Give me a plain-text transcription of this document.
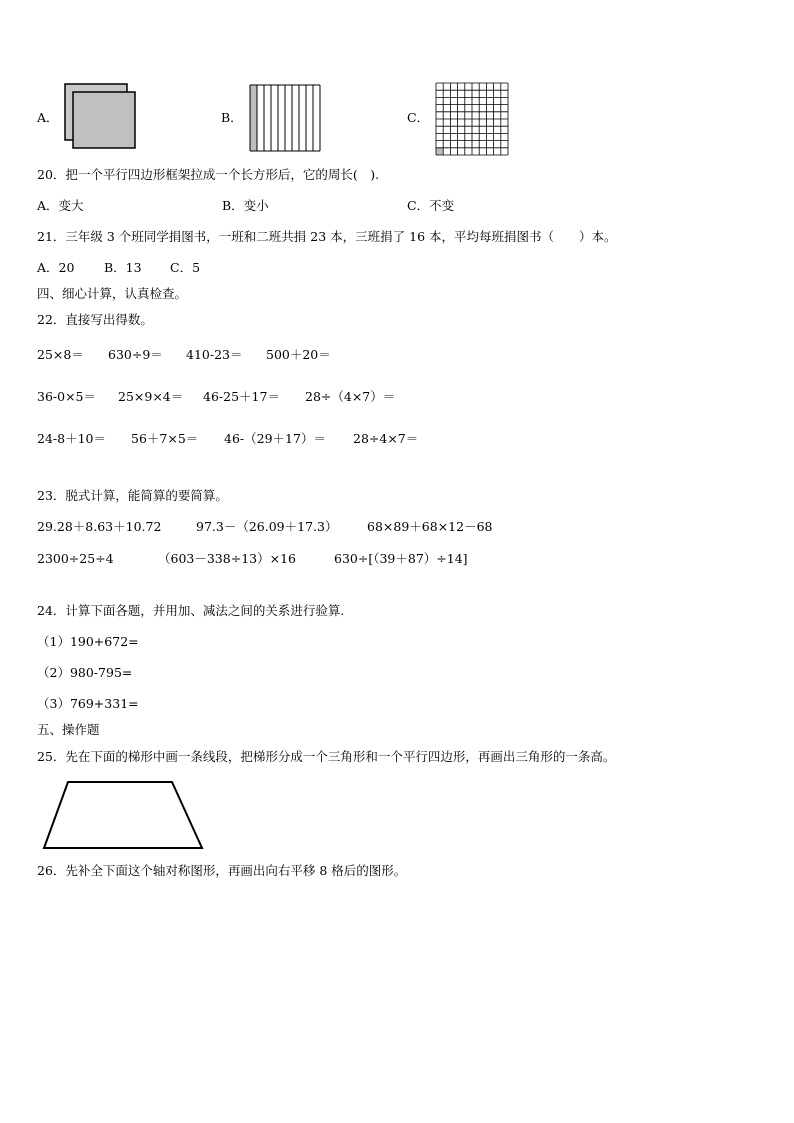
A．	B．	C．
20．把一个平行四边形框架拉成一个长方形后，它的周长(　).
A．变大	B．变小	C．不变
21．三年级 3 个班同学捐图书，一班和二班共捐 23 本，三班捐了 16 本，平均每班捐图书（　　）本。
A．20 B．13 C．5
四、细心计算，认真检查。
22．直接写出得数。
25×8＝ 630÷9＝ 410-23＝ 500＋20＝
36-0×5＝ 25×9×4＝ 46-25＋17＝ 28÷（4×7）＝
24-8＋10＝ 56＋7×5＝ 46-（29＋17）＝ 28÷4×7＝
23．脱式计算，能简算的要简算。
29.28＋8.63＋10.72	97.3－（26.09＋17.3） 68×89＋68×12－68
2300÷25÷4	（603－338÷13）×16	630÷[（39＋87）÷14]
24．计算下面各题，并用加、减法之间的关系进行验算.
（1）190+672=
（2）980-795=
（3）769+331=
五、操作题
25．先在下面的梯形中画一条线段，把梯形分成一个三角形和一个平行四边形，再画出三角形的一条高。
26．先补全下面这个轴对称图形，再画出向右平移 8 格后的图形。
